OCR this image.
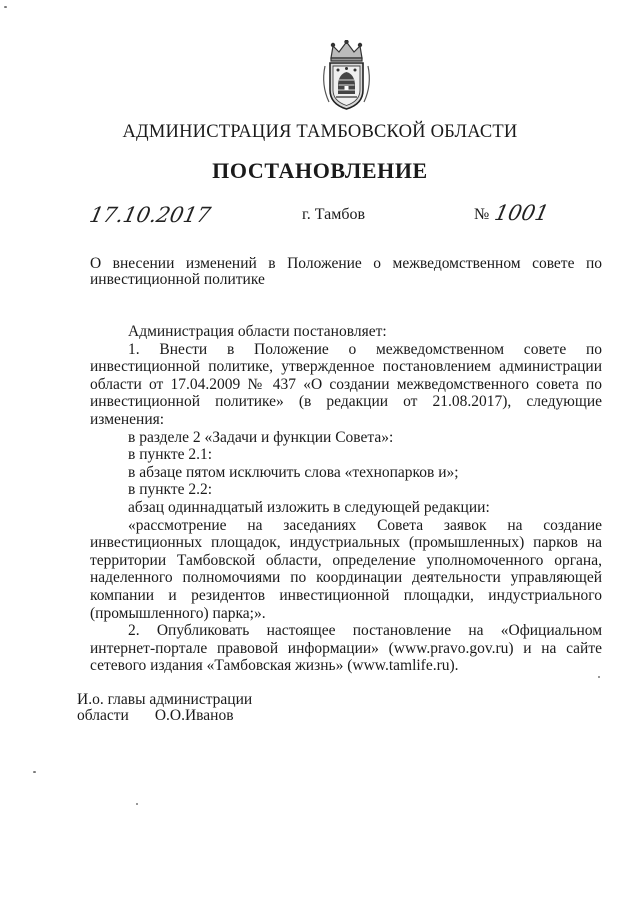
АДМИНИСТРАЦИЯ ТАМБОВСКОЙ ОБЛАСТИ
ПОСТАНОВЛЕНИЕ
17.10.2017	г. Тамбов	№ 1001
О внесении изменений в Положение о межведомственном совете по инвестиционной политике

Администрация области постановляет:

1. Внести в Положение о межведомственном совете по инвестиционной политике, утвержденное постановлением администрации области от 17.04.2009 № 437 «О создании межведомственного совета по инвестиционной политике» (в редакции от 21.08.2017), следующие изменения:

в разделе 2 «Задачи и функции Совета»:

в пункте 2.1:

в абзаце пятом исключить слова «технопарков и»;

в пункте 2.2:

абзац одиннадцатый изложить в следующей редакции:

«рассмотрение на заседаниях Совета заявок на создание инвестиционных площадок, индустриальных (промышленных) парков на территории Тамбовской области, определение уполномоченного органа, наделенного полномочиями по координации деятельности управляющей компании и резидентов инвестиционной площадки, индустриального (промышленного) парка;».

2. Опубликовать настоящее постановление на «Официальном интернет-портале правовой информации» (www.pravo.gov.ru) и на сайте сетевого издания «Тамбовская жизнь» (www.tamlife.ru).

И.о. главы администрации
области О.О.Иванов
